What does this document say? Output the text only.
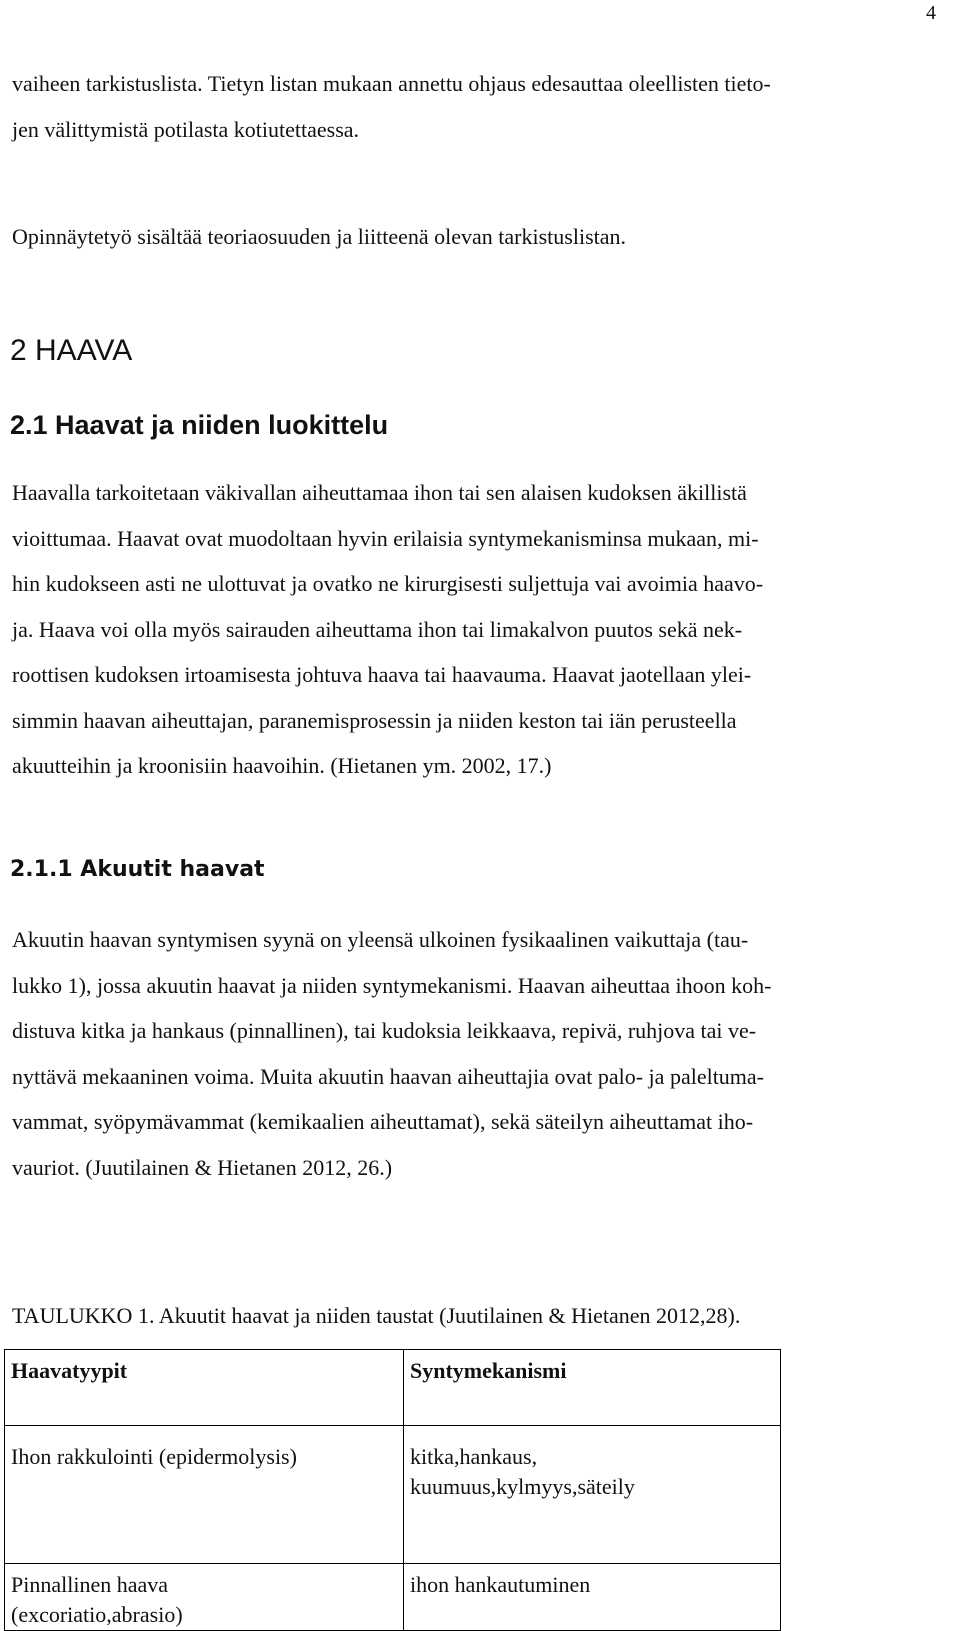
4

vaiheen tarkistuslista. Tietyn listan mukaan annettu ohjaus edesauttaa oleellisten tieto-
jen välittymistä potilasta kotiutettaessa.

Opinnäytetyö sisältää teoriaosuuden ja liitteenä olevan tarkistuslistan.

2 HAAVA
2.1 Haavat ja niiden luokittelu

Haavalla tarkoitetaan väkivallan aiheuttamaa ihon tai sen alaisen kudoksen äkillistä
vioittumaa. Haavat ovat muodoltaan hyvin erilaisia syntymekanisminsa mukaan, mi-
hin kudokseen asti ne ulottuvat ja ovatko ne kirurgisesti suljettuja vai avoimia haavo-
ja. Haava voi olla myös sairauden aiheuttama ihon tai limakalvon puutos sekä nek-
roottisen kudoksen irtoamisesta johtuva haava tai haavauma. Haavat jaotellaan ylei-
simmin haavan aiheuttajan, paranemisprosessin ja niiden keston tai iän perusteella
akuutteihin ja kroonisiin haavoihin. (Hietanen ym. 2002, 17.)

2.1.1 Akuutit haavat

Akuutin haavan syntymisen syynä on yleensä ulkoinen fysikaalinen vaikuttaja (tau-
lukko 1), jossa akuutin haavat ja niiden syntymekanismi. Haavan aiheuttaa ihoon koh-
distuva kitka ja hankaus (pinnallinen), tai kudoksia leikkaava, repivä, ruhjova tai ve-
nyttävä mekaaninen voima. Muita akuutin haavan aiheuttajia ovat palo- ja paleltuma-
vammat, syöpymävammat (kemikaalien aiheuttamat), sekä säteilyn aiheuttamat iho-
vauriot. (Juutilainen & Hietanen 2012, 26.)

TAULUKKO 1. Akuutit haavat ja niiden taustat (Juutilainen & Hietanen 2012,28).

Haavatyypit	Syntymekanismi
Ihon rakkulointi (epidermolysis)	kitka,hankaus,
kuumuus,kylmyys,säteily
Pinnallinen haava
(excoriatio,abrasio)	ihon hankautuminen
